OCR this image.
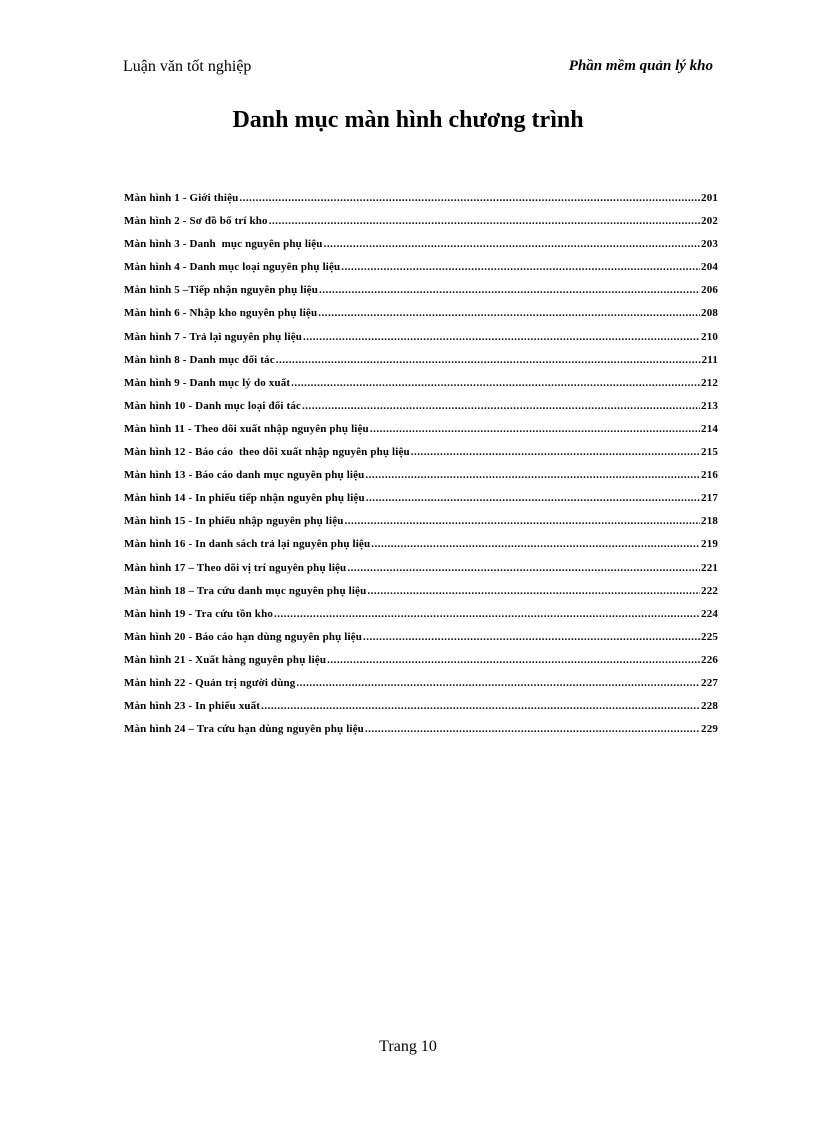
Luận văn tốt nghiệp	Phần mềm quản lý kho
Danh mục màn hình chương trình
Màn hình 1 - Giới thiệu .....	201
Màn hình 2 - Sơ đồ bố trí kho .....	202
Màn hình 3 - Danh  mục nguyên phụ liệu .....	203
Màn hình 4 - Danh mục loại nguyên phụ liệu .....	204
Màn hình 5 –Tiếp nhận nguyên phụ liệu .....	206
Màn hình 6 - Nhập kho nguyên phụ liệu .....	208
Màn hình 7 - Trả lại nguyên phụ liệu .....	210
Màn hình 8 - Danh mục đối tác .....	211
Màn hình 9 - Danh mục lý do xuất .....	212
Màn hình 10 - Danh mục loại đối tác .....	213
Màn hình 11 - Theo dõi xuất nhập nguyên phụ liệu .....	214
Màn hình 12 - Báo cáo  theo dõi xuất nhập nguyên phụ liệu .....	215
Màn hình 13 - Báo cáo danh mục nguyên phụ liệu .....	216
Màn hình 14 - In phiếu tiếp nhận nguyên phụ liệu .....	217
Màn hình 15 - In phiếu nhập nguyên phụ liệu .....	218
Màn hình 16 - In danh sách trả lại nguyên phụ liệu .....	219
Màn hình 17 – Theo dõi vị trí nguyên phụ liệu .....	221
Màn hình 18 – Tra cứu danh mục nguyên phụ liệu .....	222
Màn hình 19 - Tra cứu tồn kho .....	224
Màn hình 20 - Báo cáo hạn dùng nguyên phụ liệu .....	225
Màn hình 21 - Xuất hàng nguyên phụ liệu .....	226
Màn hình 22 - Quản trị người dùng .....	227
Màn hình 23 - In phiếu xuất .....	228
Màn hình 24 – Tra cứu hạn dùng nguyên phụ liệu .....	229
Trang 10
